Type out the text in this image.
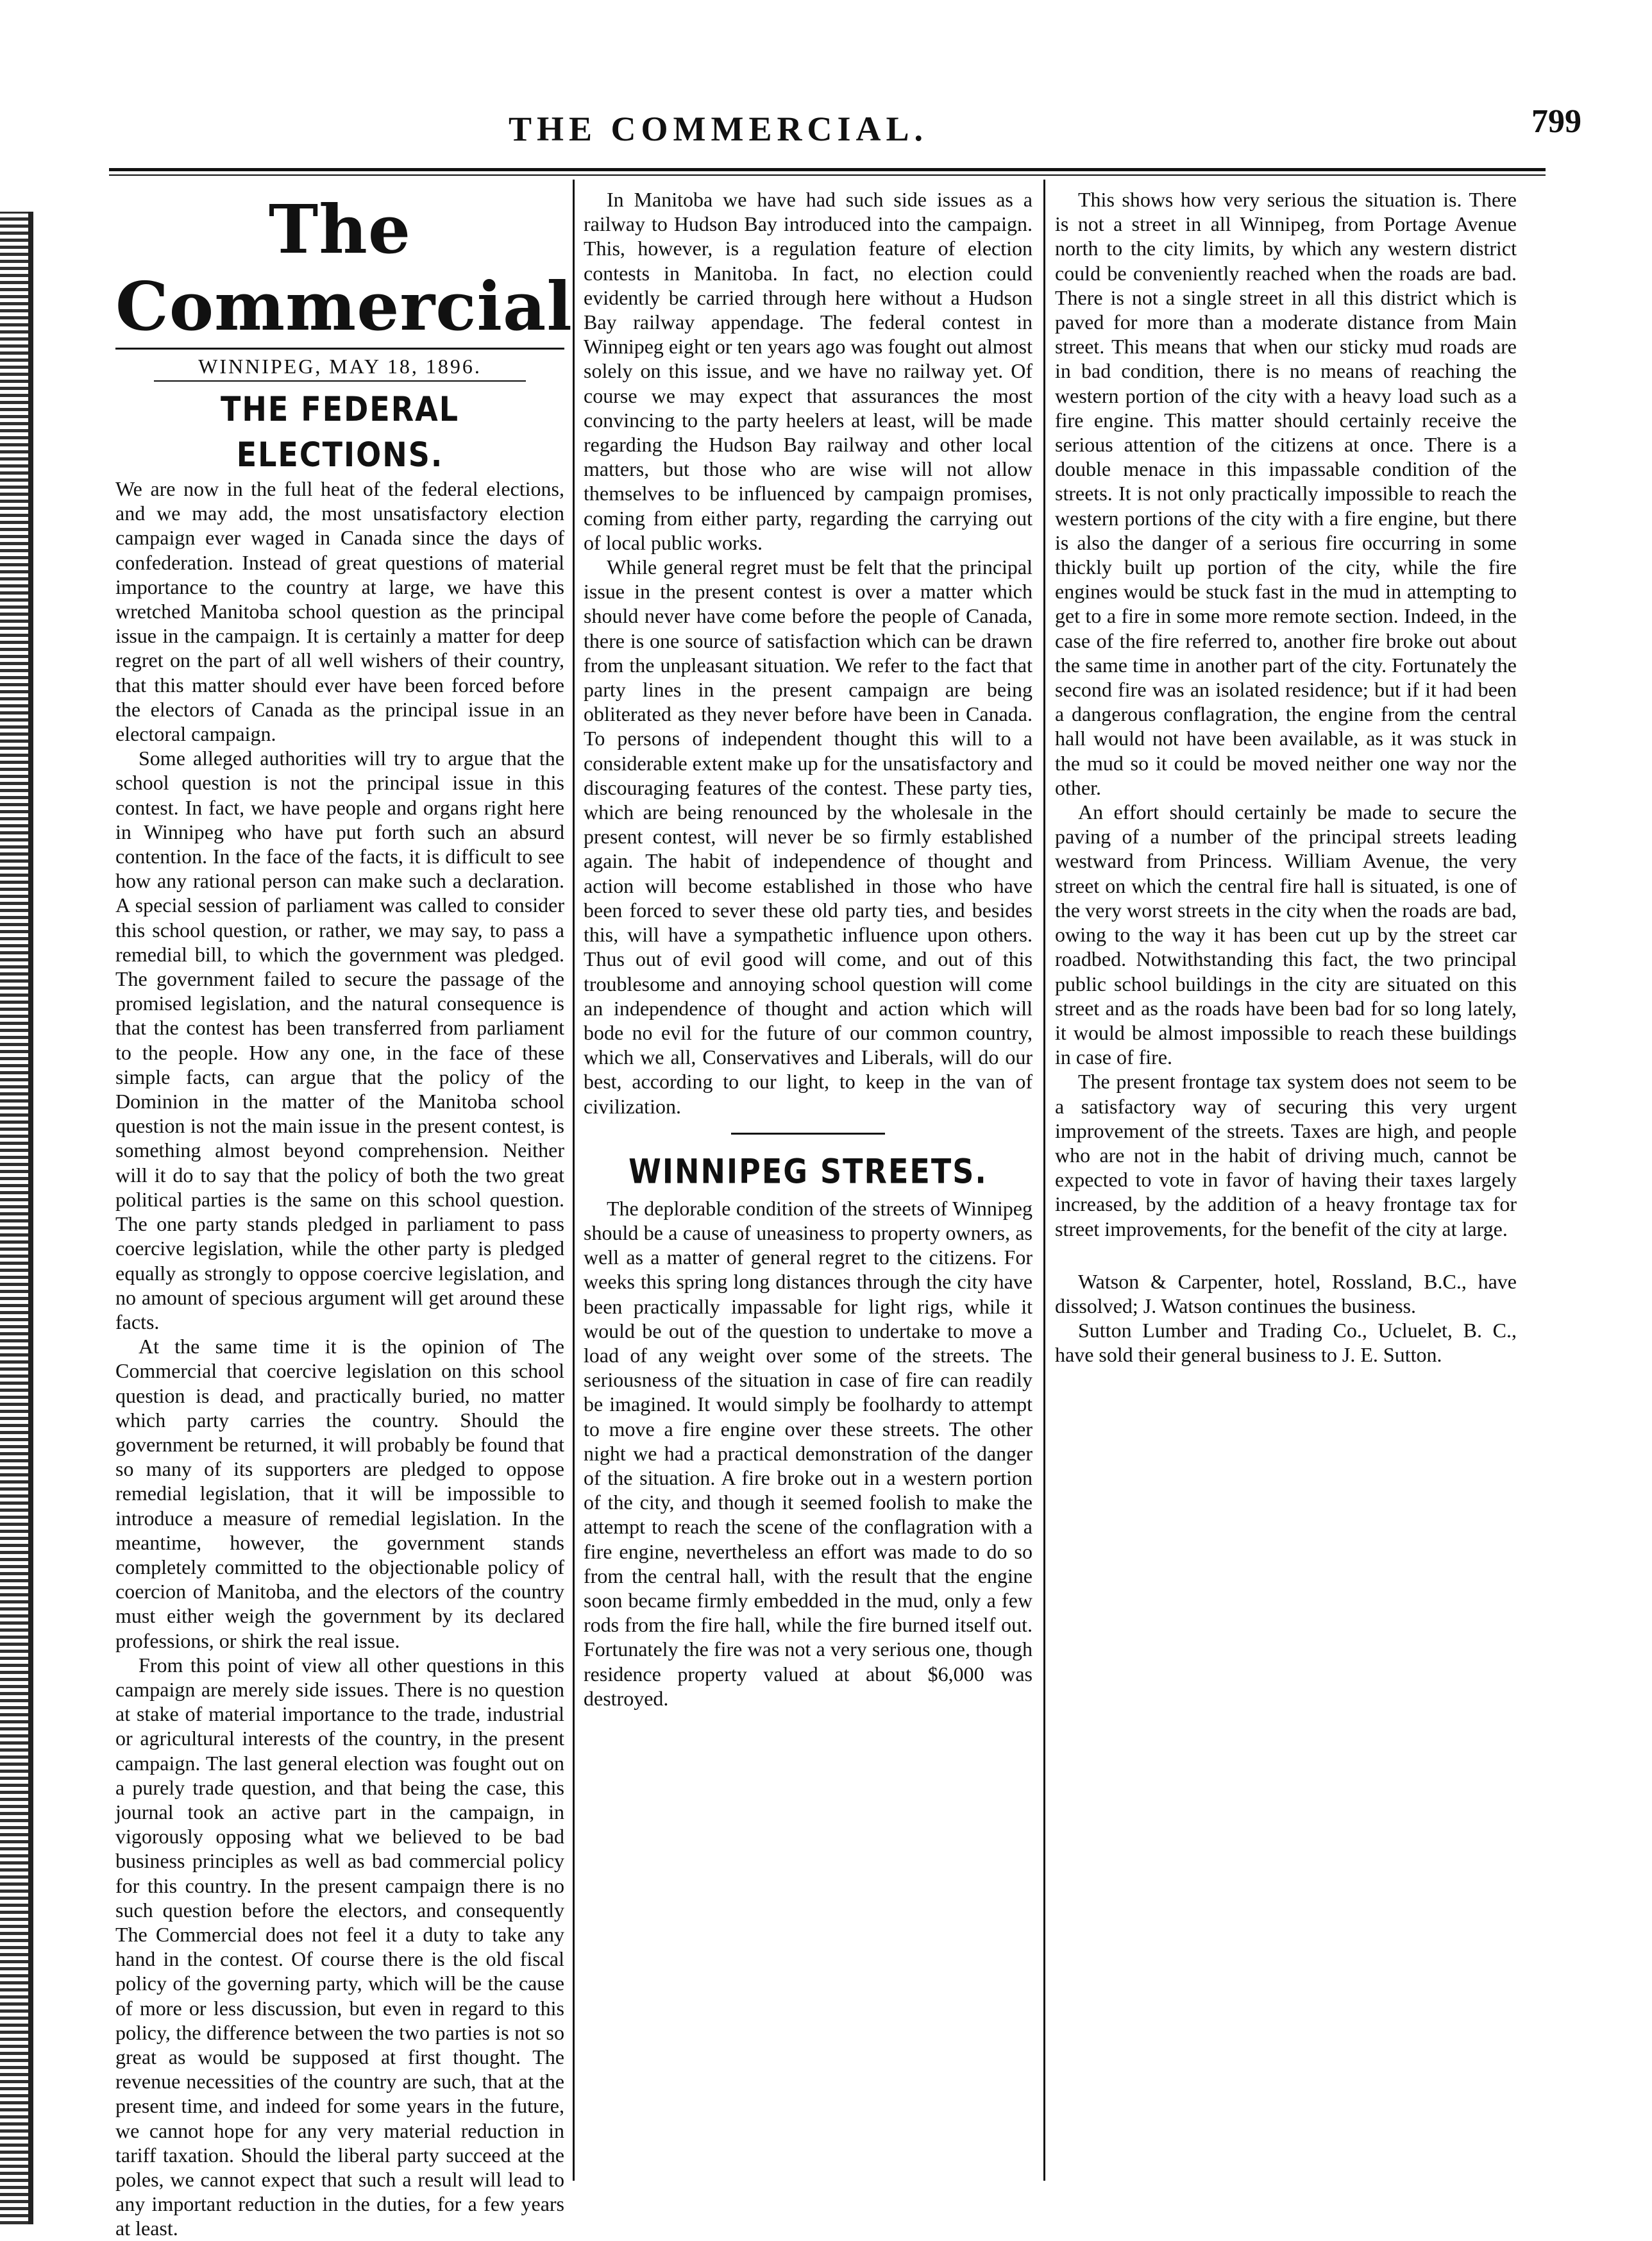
THE COMMERCIAL.	799
The Commercial
WINNIPEG, MAY 18, 1896.
THE FEDERAL ELECTIONS.

We are now in the full heat of the federal elections, and we may add, the most unsatisfactory election campaign ever waged in Canada since the days of confederation. Instead of great questions of material importance to the country at large, we have this wretched Manitoba school question as the principal issue in the campaign. It is certainly a matter for deep regret on the part of all well wishers of their country, that this matter should ever have been forced before the electors of Canada as the principal issue in an electoral campaign.

Some alleged authorities will try to argue that the school question is not the principal issue in this contest. In fact, we have people and organs right here in Winnipeg who have put forth such an absurd contention. In the face of the facts, it is difficult to see how any rational person can make such a declaration. A special session of parliament was called to consider this school question, or rather, we may say, to pass a remedial bill, to which the government was pledged. The government failed to secure the passage of the promised legislation, and the natural consequence is that the contest has been transferred from parliament to the people. How any one, in the face of these simple facts, can argue that the policy of the Dominion in the matter of the Manitoba school question is not the main issue in the present contest, is something almost beyond comprehension. Neither will it do to say that the policy of both the two great political parties is the same on this school question. The one party stands pledged in parliament to pass coercive legislation, while the other party is pledged equally as strongly to oppose coercive legislation, and no amount of specious argument will get around these facts.

At the same time it is the opinion of The Commercial that coercive legislation on this school question is dead, and practically buried, no matter which party carries the country. Should the government be returned, it will probably be found that so many of its supporters are pledged to oppose remedial legislation, that it will be impossible to introduce a measure of remedial legislation. In the meantime, however, the government stands completely committed to the objectionable policy of coercion of Manitoba, and the electors of the country must either weigh the government by its declared professions, or shirk the real issue.

From this point of view all other questions in this campaign are merely side issues. There is no question at stake of material importance to the trade, industrial or agricultural interests of the country, in the present campaign. The last general election was fought out on a purely trade question, and that being the case, this journal took an active part in the campaign, in vigorously opposing what we believed to be bad business principles as well as bad commercial policy for this country. In the present campaign there is no such question before the electors, and consequently The Commercial does not feel it a duty to take any hand in the contest. Of course there is the old fiscal policy of the governing party, which will be the cause of more or less discussion, but even in regard to this policy, the difference between the two parties is not so great as would be supposed at first thought. The revenue necessities of the country are such, that at the present time, and indeed for some years in the future, we cannot hope for any very material reduction in tariff taxation. Should the liberal party succeed at the poles, we cannot expect that such a result will lead to any important reduction in the duties, for a few years at least.

In Manitoba we have had such side issues as a railway to Hudson Bay introduced into the campaign. This, however, is a regulation feature of election contests in Manitoba. In fact, no election could evidently be carried through here without a Hudson Bay railway appendage. The federal contest in Winnipeg eight or ten years ago was fought out almost solely on this issue, and we have no railway yet. Of course we may expect that assurances the most convincing to the party heelers at least, will be made regarding the Hudson Bay railway and other local matters, but those who are wise will not allow themselves to be influenced by campaign promises, coming from either party, regarding the carrying out of local public works.

While general regret must be felt that the principal issue in the present contest is over a matter which should never have come before the people of Canada, there is one source of satisfaction which can be drawn from the unpleasant situation. We refer to the fact that party lines in the present campaign are being obliterated as they never before have been in Canada. To persons of independent thought this will to a considerable extent make up for the unsatisfactory and discouraging features of the contest. These party ties, which are being renounced by the wholesale in the present contest, will never be so firmly established again. The habit of independence of thought and action will become established in those who have been forced to sever these old party ties, and besides this, will have a sympathetic influence upon others. Thus out of evil good will come, and out of this troublesome and annoying school question will come an independence of thought and action which will bode no evil for the future of our common country, which we all, Conservatives and Liberals, will do our best, according to our light, to keep in the van of civilization.

WINNIPEG STREETS.

The deplorable condition of the streets of Winnipeg should be a cause of uneasiness to property owners, as well as a matter of general regret to the citizens. For weeks this spring long distances through the city have been practically impassable for light rigs, while it would be out of the question to undertake to move a load of any weight over some of the streets. The seriousness of the situation in case of fire can readily be imagined. It would simply be foolhardy to attempt to move a fire engine over these streets. The other night we had a practical demonstration of the danger of the situation. A fire broke out in a western portion of the city, and though it seemed foolish to make the attempt to reach the scene of the conflagration with a fire engine, nevertheless an effort was made to do so from the central hall, with the result that the engine soon became firmly embedded in the mud, only a few rods from the fire hall, while the fire burned itself out. Fortunately the fire was not a very serious one, though residence property valued at about $6,000 was destroyed.

This shows how very serious the situation is. There is not a street in all Winnipeg, from Portage Avenue north to the city limits, by which any western district could be conveniently reached when the roads are bad. There is not a single street in all this district which is paved for more than a moderate distance from Main street. This means that when our sticky mud roads are in bad condition, there is no means of reaching the western portion of the city with a heavy load such as a fire engine. This matter should certainly receive the serious attention of the citizens at once. There is a double menace in this impassable condition of the streets. It is not only practically impossible to reach the western portions of the city with a fire engine, but there is also the danger of a serious fire occurring in some thickly built up portion of the city, while the fire engines would be stuck fast in the mud in attempting to get to a fire in some more remote section. Indeed, in the case of the fire referred to, another fire broke out about the same time in another part of the city. Fortunately the second fire was an isolated residence; but if it had been a dangerous conflagration, the engine from the central hall would not have been available, as it was stuck in the mud so it could be moved neither one way nor the other.

An effort should certainly be made to secure the paving of a number of the principal streets leading westward from Princess. William Avenue, the very street on which the central fire hall is situated, is one of the very worst streets in the city when the roads are bad, owing to the way it has been cut up by the street car roadbed. Notwithstanding this fact, the two principal public school buildings in the city are situated on this street and as the roads have been bad for so long lately, it would be almost impossible to reach these buildings in case of fire.

The present frontage tax system does not seem to be a satisfactory way of securing this very urgent improvement of the streets. Taxes are high, and people who are not in the habit of driving much, cannot be expected to vote in favor of having their taxes largely increased, by the addition of a heavy frontage tax for street improvements, for the benefit of the city at large.

Watson & Carpenter, hotel, Rossland, B.C., have dissolved; J. Watson continues the business.

Sutton Lumber and Trading Co., Ucluelet, B. C., have sold their general business to J. E. Sutton.
